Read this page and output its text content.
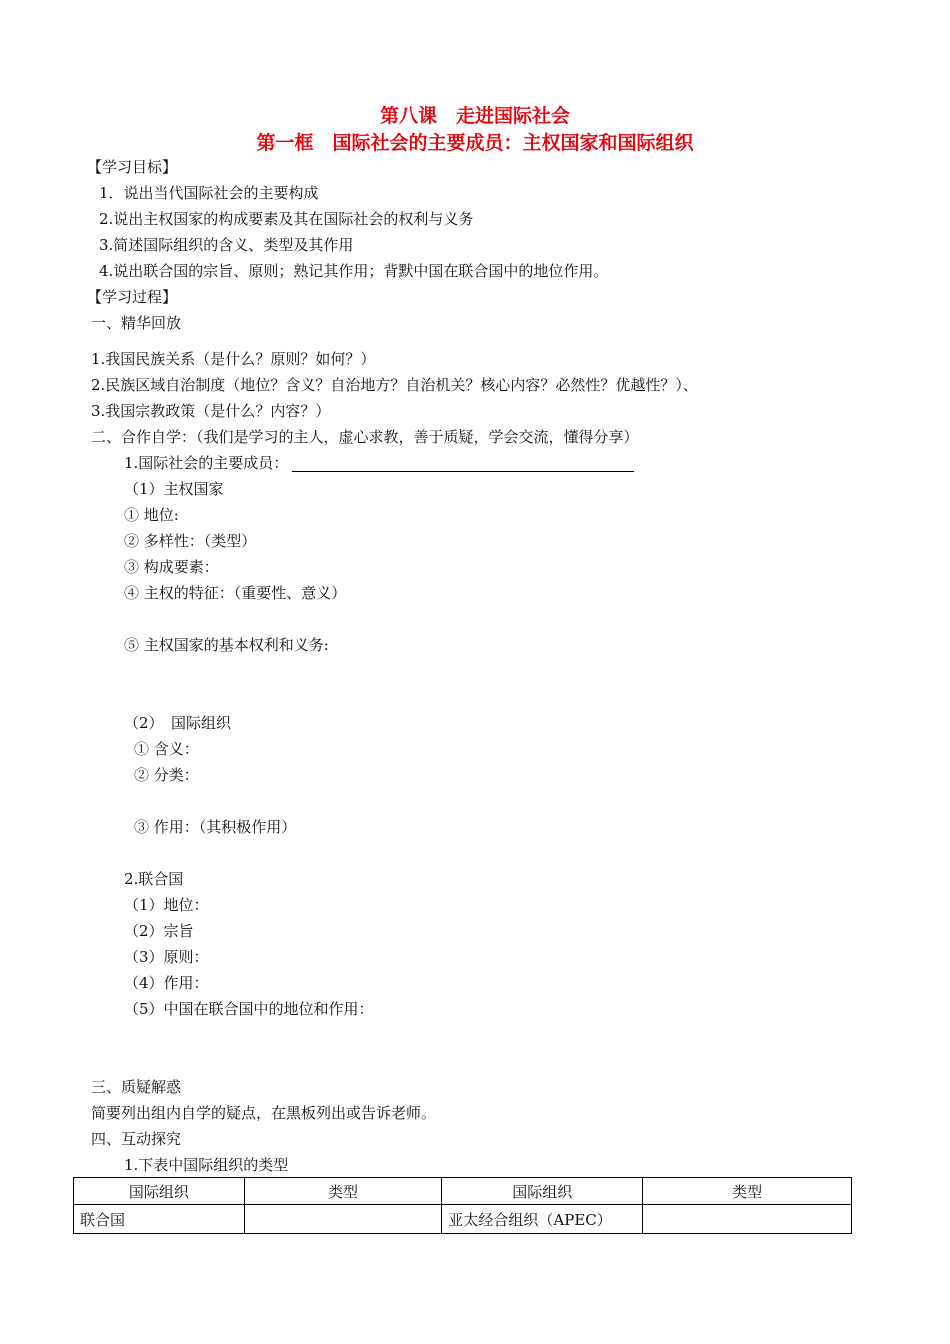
第八课　走进国际社会
第一框　国际社会的主要成员：主权国家和国际组织
【学习目标】
1．说出当代国际社会的主要构成
2.说出主权国家的构成要素及其在国际社会的权利与义务
3.简述国际组织的含义、类型及其作用
4.说出联合国的宗旨、原则；熟记其作用；背默中国在联合国中的地位作用。
【学习过程】
一、精华回放
1.我国民族关系（是什么？原则？如何？）
2.民族区域自治制度（地位？含义？自治地方？自治机关？核心内容？必然性？优越性？）、
3.我国宗教政策（是什么？内容？）
二、合作自学：（我们是学习的主人，虚心求教，善于质疑，学会交流，懂得分享）
1.国际社会的主要成员：
（1）主权国家
① 地位:
② 多样性：（类型）
③ 构成要素：
④ 主权的特征：（重要性、意义）
⑤ 主权国家的基本权利和义务:
（2）　国际组织
① 含义：
② 分类：
③ 作用：（其积极作用）
2.联合国
（1）地位：
（2）宗旨
（3）原则：
（4）作用：
（5）中国在联合国中的地位和作用：
三、质疑解惑
简要列出组内自学的疑点，在黑板列出或告诉老师。
四、互动探究
1.下表中国际组织的类型
国际组织	类型	国际组织	类型
联合国		亚太经合组织（APEC）	
